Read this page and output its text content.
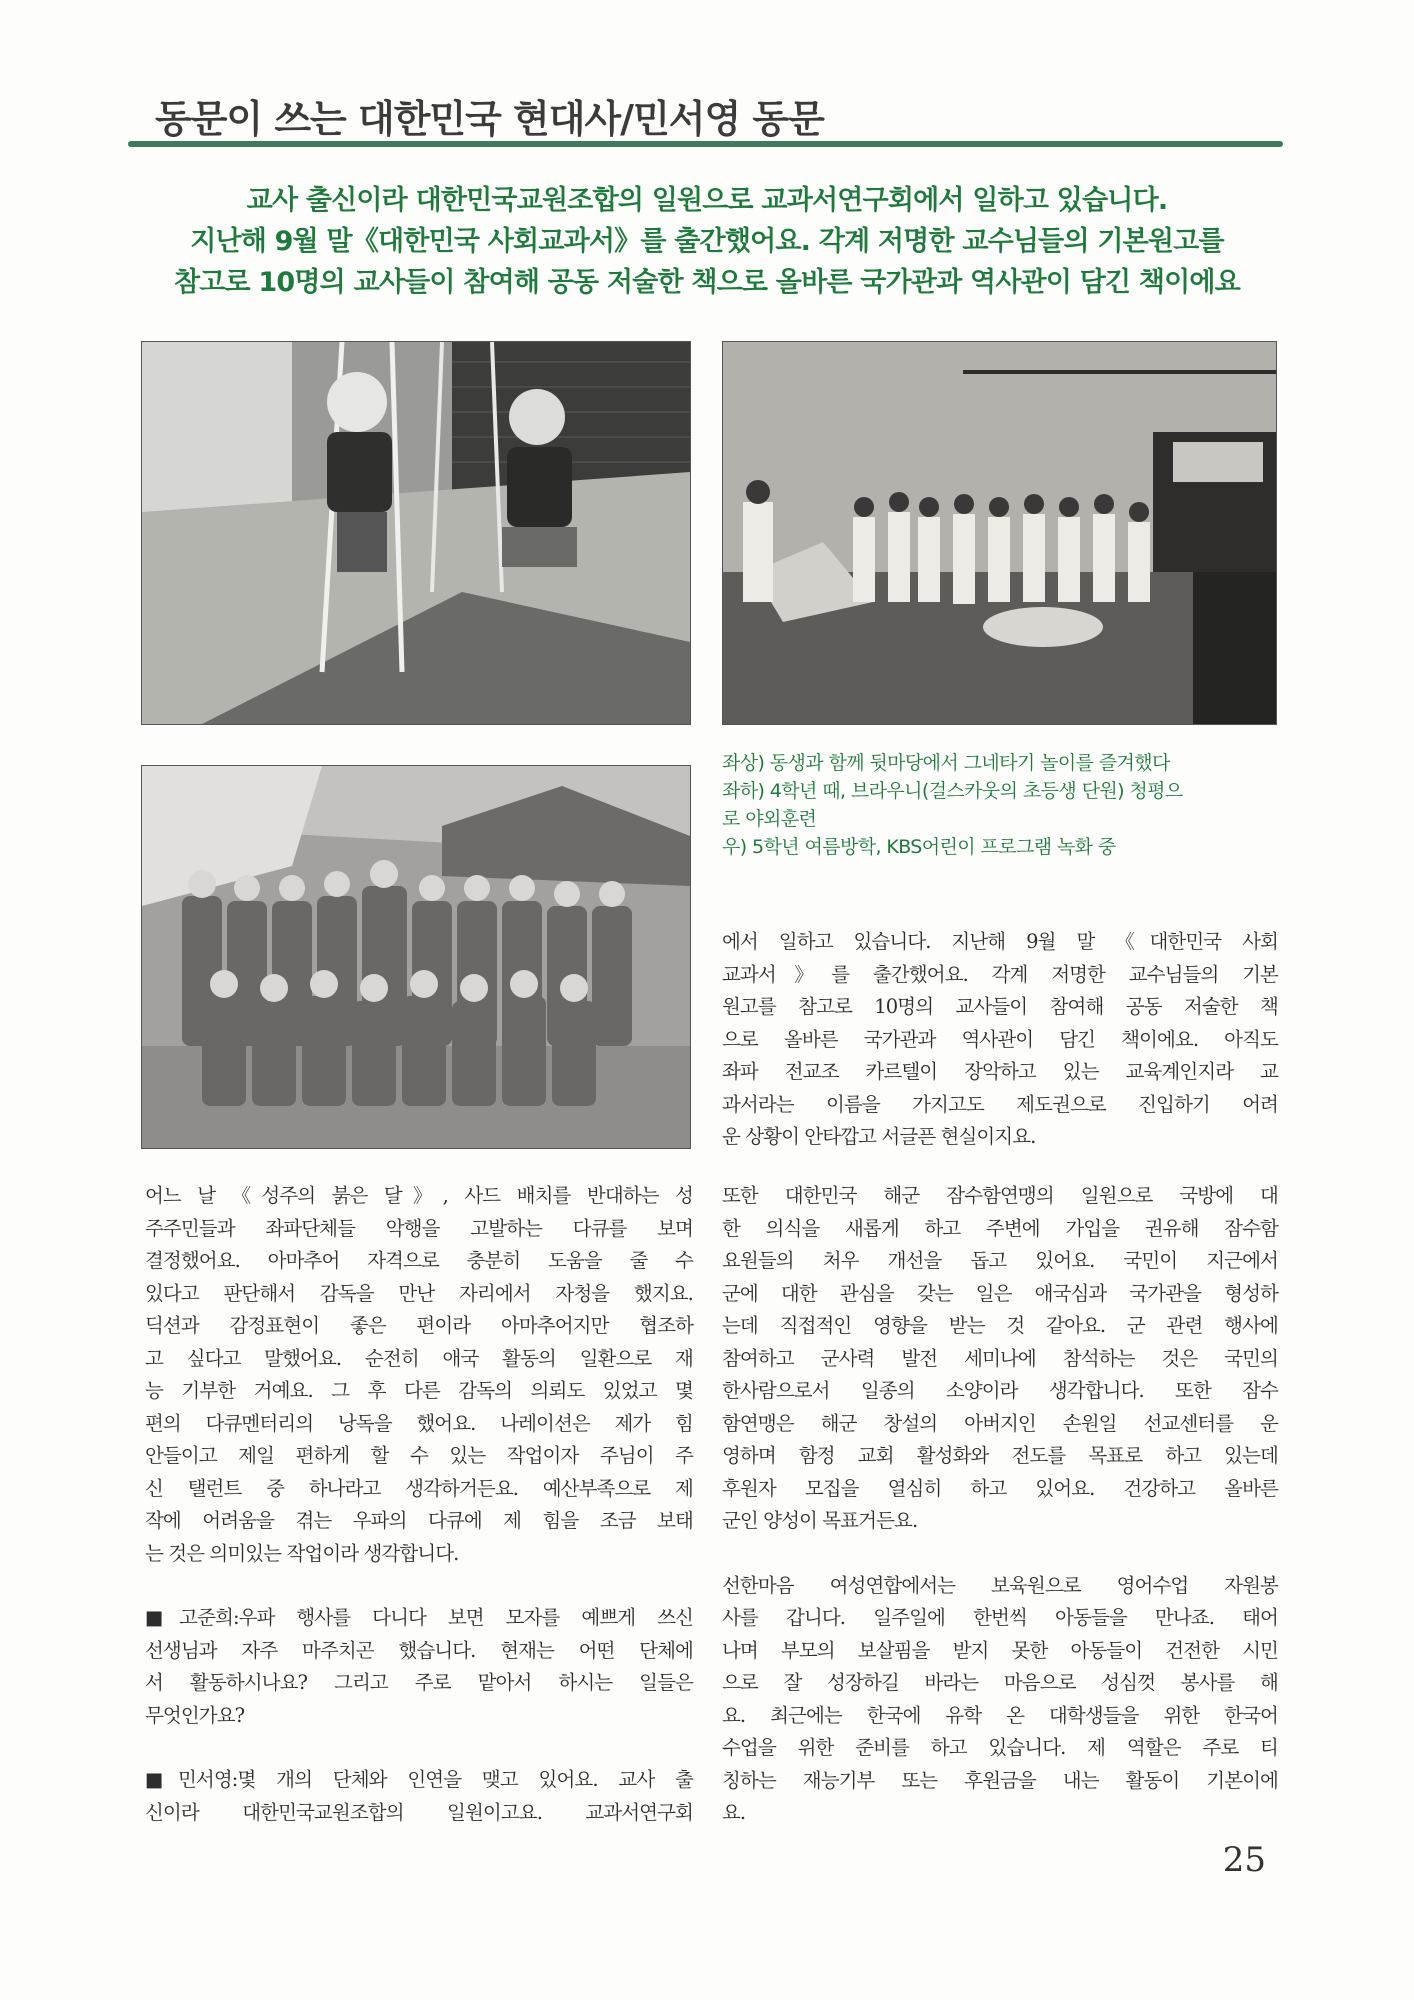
동문이 쓰는 대한민국 현대사/민서영 동문
교사 출신이라 대한민국교원조합의 일원으로 교과서연구회에서 일하고 있습니다.
지난해 9월 말《대한민국 사회교과서》를 출간했어요. 각계 저명한 교수님들의 기본원고를
참고로 10명의 교사들이 참여해 공동 저술한 책으로 올바른 국가관과 역사관이 담긴 책이에요
좌상) 동생과 함께 뒷마당에서 그네타기 놀이를 즐겨했다
좌하) 4학년 때, 브라우니(걸스카웃의 초등생 단원) 청평으
로 야외훈련
우) 5학년 여름방학, KBS어린이 프로그램 녹화 중
에서 일하고 있습니다. 지난해 9월 말 《대한민국 사회
교과서》를 출간했어요. 각계 저명한 교수님들의 기본
원고를 참고로 10명의 교사들이 참여해 공동 저술한 책
으로 올바른 국가관과 역사관이 담긴 책이에요. 아직도
좌파 전교조 카르텔이 장악하고 있는 교육계인지라 교
과서라는 이름을 가지고도 제도권으로 진입하기 어려
운 상황이 안타깝고 서글픈 현실이지요.
어느 날 《성주의 붉은 달》, 사드 배치를 반대하는 성
주주민들과 좌파단체들 악행을 고발하는 다큐를 보며
결정했어요. 아마추어 자격으로 충분히 도움을 줄 수
있다고 판단해서 감독을 만난 자리에서 자청을 했지요.
딕션과 감정표현이 좋은 편이라 아마추어지만 협조하
고 싶다고 말했어요. 순전히 애국 활동의 일환으로 재
능 기부한 거예요. 그 후 다른 감독의 의뢰도 있었고 몇
편의 다큐멘터리의 낭독을 했어요. 나레이션은 제가 힘
안들이고 제일 편하게 할 수 있는 작업이자 주님이 주
신 탤런트 중 하나라고 생각하거든요. 예산부족으로 제
작에 어려움을 겪는 우파의 다큐에 제 힘을 조금 보태
는 것은 의미있는 작업이라 생각합니다.
■고준희:우파 행사를 다니다 보면 모자를 예쁘게 쓰신
선생님과 자주 마주치곤 했습니다. 현재는 어떤 단체에
서 활동하시나요? 그리고 주로 맡아서 하시는 일들은
무엇인가요?
■민서영:몇 개의 단체와 인연을 맺고 있어요. 교사 출
신이라 대한민국교원조합의 일원이고요. 교과서연구회
또한 대한민국 해군 잠수함연맹의 일원으로 국방에 대
한 의식을 새롭게 하고 주변에 가입을 권유해 잠수함
요원들의 처우 개선을 돕고 있어요. 국민이 지근에서
군에 대한 관심을 갖는 일은 애국심과 국가관을 형성하
는데 직접적인 영향을 받는 것 같아요. 군 관련 행사에
참여하고 군사력 발전 세미나에 참석하는 것은 국민의
한사람으로서 일종의 소양이라 생각합니다. 또한 잠수
함연맹은 해군 창설의 아버지인 손원일 선교센터를 운
영하며 함정 교회 활성화와 전도를 목표로 하고 있는데
후원자 모집을 열심히 하고 있어요. 건강하고 올바른
군인 양성이 목표거든요.
선한마음 여성연합에서는 보육원으로 영어수업 자원봉
사를 갑니다. 일주일에 한번씩 아동들을 만나죠. 태어
나며 부모의 보살핌을 받지 못한 아동들이 건전한 시민
으로 잘 성장하길 바라는 마음으로 성심껏 봉사를 해
요. 최근에는 한국에 유학 온 대학생들을 위한 한국어
수업을 위한 준비를 하고 있습니다. 제 역할은 주로 티
칭하는 재능기부 또는 후원금을 내는 활동이 기본이에
요.
25
